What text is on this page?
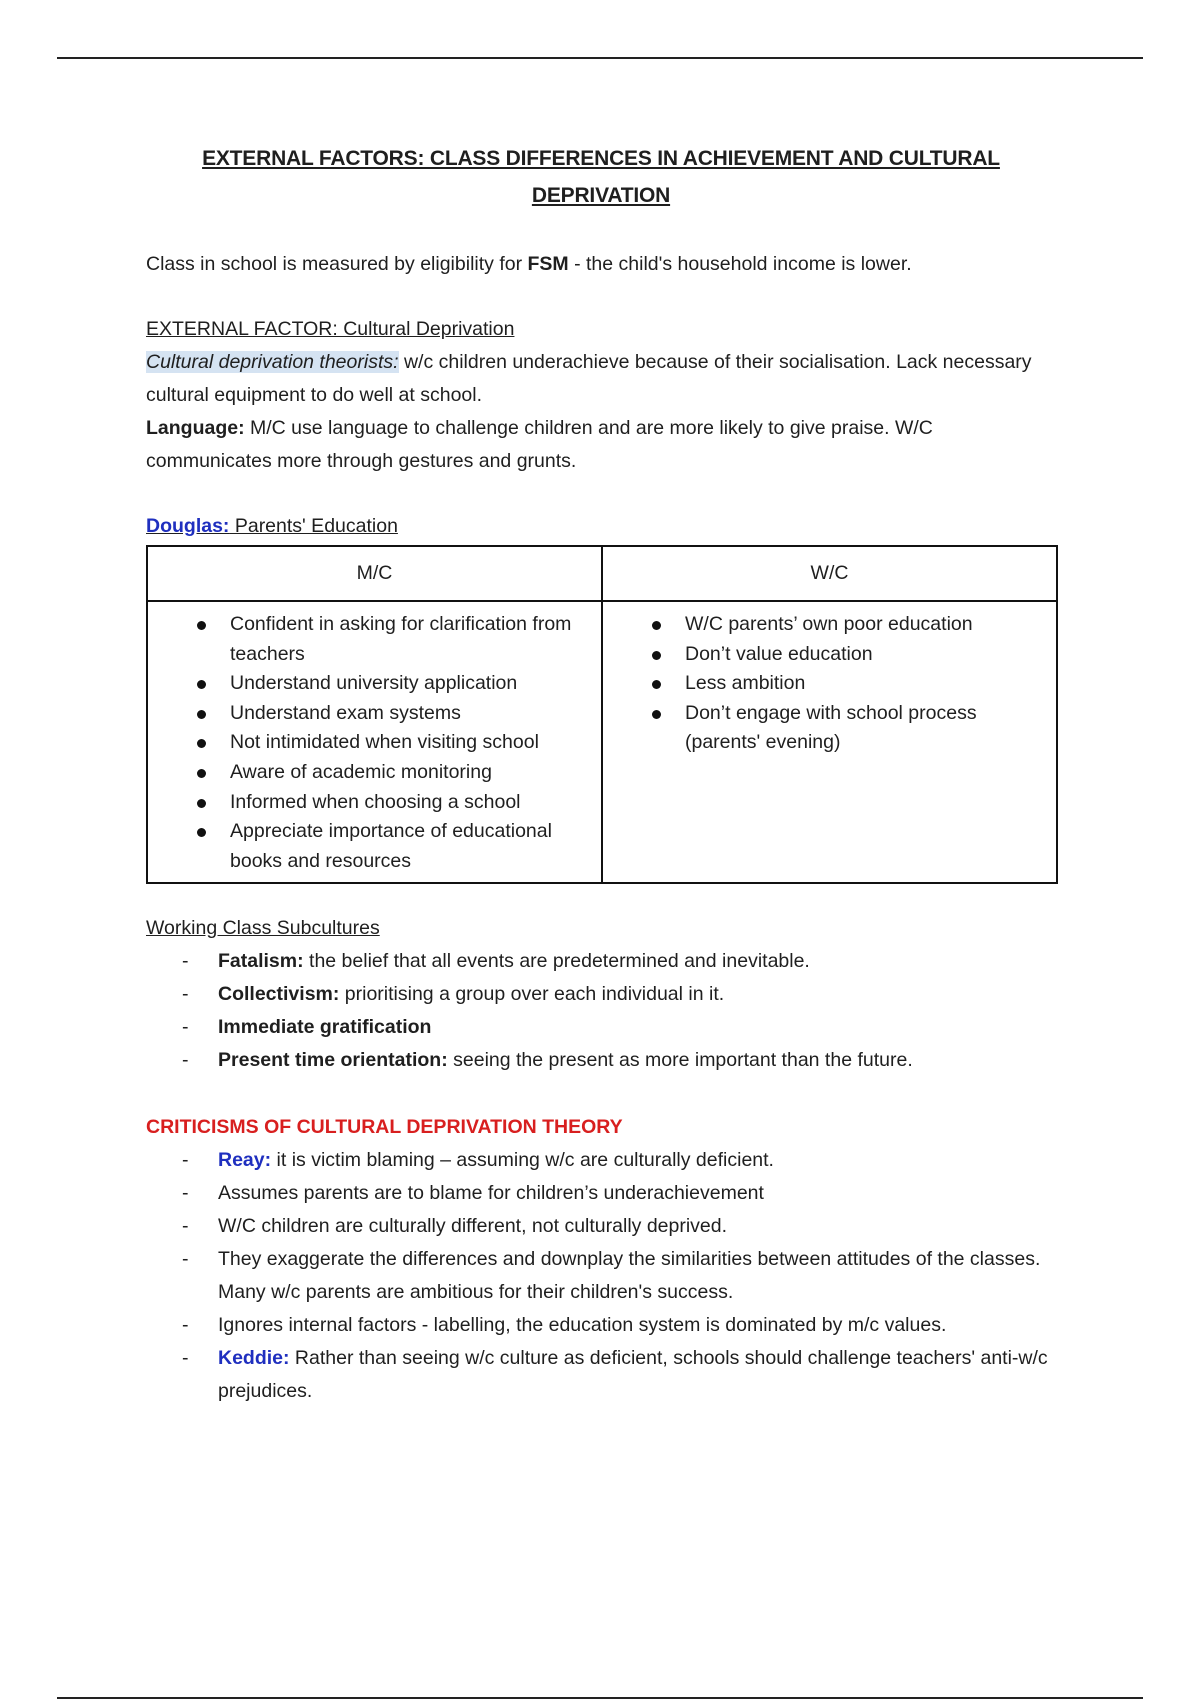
EXTERNAL FACTORS: CLASS DIFFERENCES IN ACHIEVEMENT AND CULTURAL DEPRIVATION

Class in school is measured by eligibility for FSM - the child's household income is lower.

EXTERNAL FACTOR: Cultural Deprivation

Cultural deprivation theorists: w/c children underachieve because of their socialisation. Lack necessary cultural equipment to do well at school.

Language: M/C use language to challenge children and are more likely to give praise. W/C communicates more through gestures and grunts.

Douglas: Parents' Education

M/C	W/C

Confident in asking for clarification from teachers
Understand university application
Understand exam systems
Not intimidated when visiting school
Aware of academic monitoring
Informed when choosing a school
Appreciate importance of educational books and resources

W/C parents’ own poor education
Don’t value education
Less ambition
Don’t engage with school process (parents' evening)

Working Class Subcultures

- Fatalism: the belief that all events are predetermined and inevitable.
- Collectivism: prioritising a group over each individual in it.
- Immediate gratification
- Present time orientation: seeing the present as more important than the future.

CRITICISMS OF CULTURAL DEPRIVATION THEORY

- Reay: it is victim blaming – assuming w/c are culturally deficient.
- Assumes parents are to blame for children’s underachievement
- W/C children are culturally different, not culturally deprived.
- They exaggerate the differences and downplay the similarities between attitudes of the classes. Many w/c parents are ambitious for their children's success.
- Ignores internal factors - labelling, the education system is dominated by m/c values.
- Keddie: Rather than seeing w/c culture as deficient, schools should challenge teachers' anti-w/c prejudices.
